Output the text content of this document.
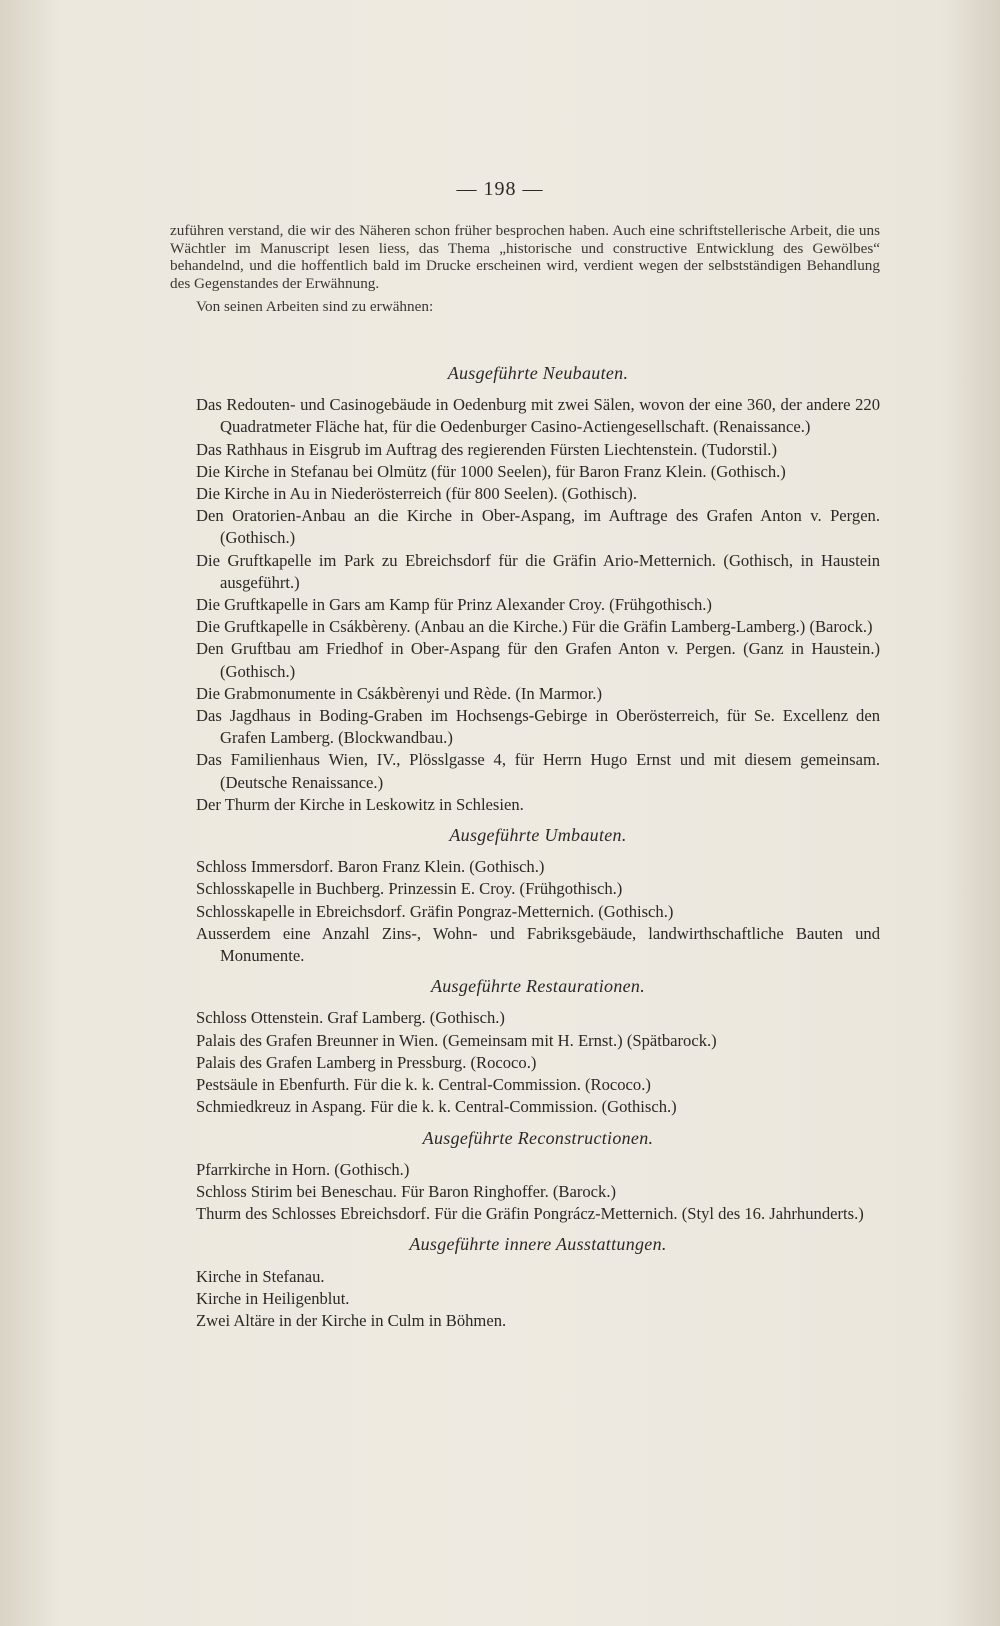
— 198 —

zuführen verstand, die wir des Näheren schon früher besprochen haben. Auch eine schriftstellerische Arbeit, die uns Wächtler im Manuscript lesen liess, das Thema „historische und constructive Entwicklung des Gewölbes“ behandelnd, und die hoffentlich bald im Drucke erscheinen wird, verdient wegen der selbstständigen Behandlung des Gegenstandes der Erwähnung.

Von seinen Arbeiten sind zu erwähnen:

Ausgeführte Neubauten.

Das Redouten- und Casinogebäude in Oedenburg mit zwei Sälen, wovon der eine 360, der andere 220 Quadratmeter Fläche hat, für die Oedenburger Casino-Actiengesellschaft. (Renaissance.)

Das Rathhaus in Eisgrub im Auftrag des regierenden Fürsten Liechtenstein. (Tudorstil.)

Die Kirche in Stefanau bei Olmütz (für 1000 Seelen), für Baron Franz Klein. (Gothisch.)

Die Kirche in Au in Niederösterreich (für 800 Seelen). (Gothisch).

Den Oratorien-Anbau an die Kirche in Ober-Aspang, im Auftrage des Grafen Anton v. Pergen. (Gothisch.)

Die Gruftkapelle im Park zu Ebreichsdorf für die Gräfin Ario-Metternich. (Gothisch, in Haustein ausgeführt.)

Die Gruftkapelle in Gars am Kamp für Prinz Alexander Croy. (Frühgothisch.)

Die Gruftkapelle in Csákbèreny. (Anbau an die Kirche.) Für die Gräfin Lamberg-Lamberg.) (Barock.)

Den Gruftbau am Friedhof in Ober-Aspang für den Grafen Anton v. Pergen. (Ganz in Haustein.) (Gothisch.)

Die Grabmonumente in Csákbèrenyi und Rède. (In Marmor.)

Das Jagdhaus in Boding-Graben im Hochsengs-Gebirge in Oberösterreich, für Se. Excellenz den Grafen Lamberg. (Blockwandbau.)

Das Familienhaus Wien, IV., Plösslgasse 4, für Herrn Hugo Ernst und mit diesem gemeinsam. (Deutsche Renaissance.)

Der Thurm der Kirche in Leskowitz in Schlesien.

Ausgeführte Umbauten.

Schloss Immersdorf. Baron Franz Klein. (Gothisch.)

Schlosskapelle in Buchberg. Prinzessin E. Croy. (Frühgothisch.)

Schlosskapelle in Ebreichsdorf. Gräfin Pongraz-Metternich. (Gothisch.)

Ausserdem eine Anzahl Zins-, Wohn- und Fabriksgebäude, landwirthschaftliche Bauten und Monumente.

Ausgeführte Restaurationen.

Schloss Ottenstein. Graf Lamberg. (Gothisch.)

Palais des Grafen Breunner in Wien. (Gemeinsam mit H. Ernst.) (Spätbarock.)

Palais des Grafen Lamberg in Pressburg. (Rococo.)

Pestsäule in Ebenfurth. Für die k. k. Central-Commission. (Rococo.)

Schmiedkreuz in Aspang. Für die k. k. Central-Commission. (Gothisch.)

Ausgeführte Reconstructionen.

Pfarrkirche in Horn. (Gothisch.)

Schloss Stirim bei Beneschau. Für Baron Ringhoffer. (Barock.)

Thurm des Schlosses Ebreichsdorf. Für die Gräfin Pongrácz-Metternich. (Styl des 16. Jahrhunderts.)

Ausgeführte innere Ausstattungen.

Kirche in Stefanau.

Kirche in Heiligenblut.

Zwei Altäre in der Kirche in Culm in Böhmen.
